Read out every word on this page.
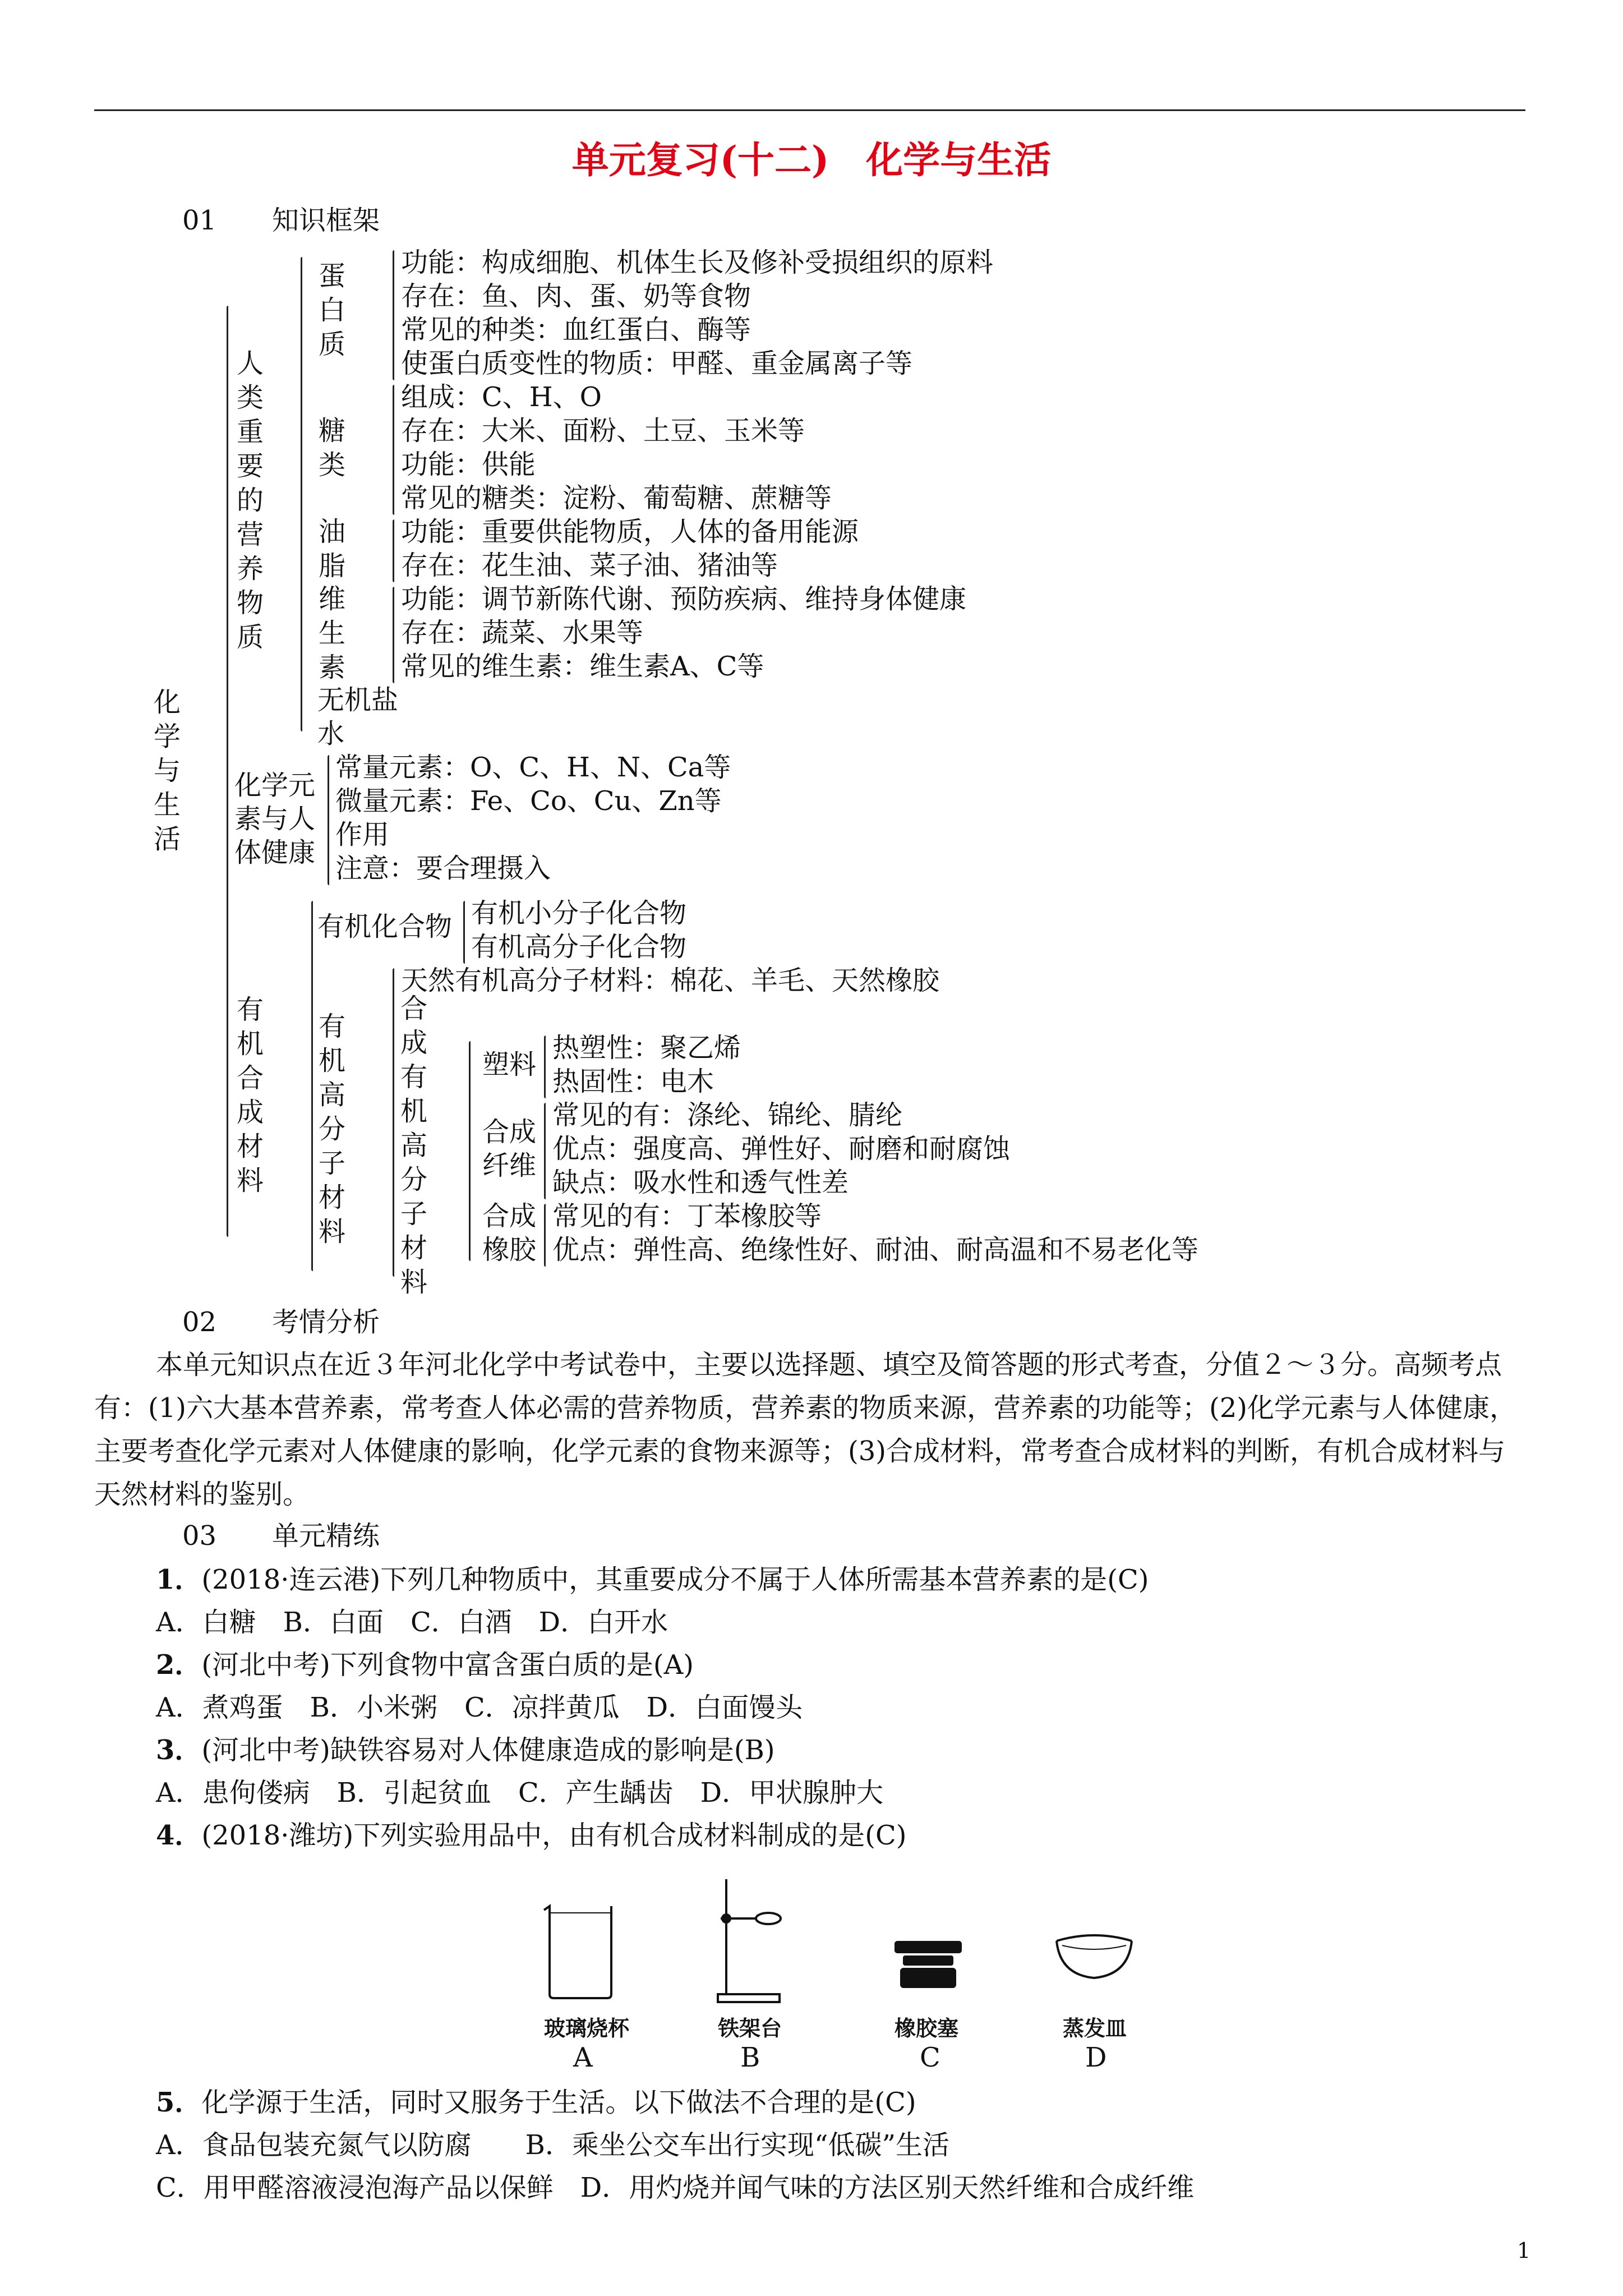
单元复习(十二)　化学与生活
01 知识框架
化学与生活
人类重要的营养物质
蛋白质
功能：构成细胞、机体生长及修补受损组织的原料
存在：鱼、肉、蛋、奶等食物
常见的种类：血红蛋白、酶等
使蛋白质变性的物质：甲醛、重金属离子等
糖类
组成：C、H、O
存在：大米、面粉、土豆、玉米等
功能：供能
常见的糖类：淀粉、葡萄糖、蔗糖等
油脂
功能：重要供能物质，人体的备用能源
存在：花生油、菜子油、猪油等
维生素
功能：调节新陈代谢、预防疾病、维持身体健康
存在：蔬菜、水果等
常见的维生素：维生素A、C等
无机盐
水
化学元
素与人
体健康
常量元素：O、C、H、N、Ca等
微量元素：Fe、Co、Cu、Zn等
作用
注意：要合理摄入
有机合成材料
有机化合物 有机小分子化合物
有机高分子化合物
有机高分子材料
天然有机高分子材料：棉花、羊毛、天然橡胶
合成有机高分子材料
塑料
热塑性：聚乙烯
热固性：电木
合成
纤维
常见的有：涤纶、锦纶、腈纶
优点：强度高、弹性好、耐磨和耐腐蚀
缺点：吸水性和透气性差
合成
橡胶
常见的有：丁苯橡胶等
优点：弹性高、绝缘性好、耐油、耐高温和不易老化等
02 考情分析
本单元知识点在近３年河北化学中考试卷中，主要以选择题、填空及简答题的形式考查，分值２～３分。高频考点有：(1)六大基本营养素，常考查人体必需的营养物质，营养素的物质来源，营养素的功能等；(2)化学元素与人体健康，主要考查化学元素对人体健康的影响，化学元素的食物来源等；(3)合成材料，常考查合成材料的判断，有机合成材料与天然材料的鉴别。
03 单元精练
1．(2018·连云港)下列几种物质中，其重要成分不属于人体所需基本营养素的是(C)
A．白糖　B．白面　C．白酒　D．白开水
2．(河北中考)下列食物中富含蛋白质的是(A)
A．煮鸡蛋　B．小米粥　C．凉拌黄瓜　D．白面馒头
3．(河北中考)缺铁容易对人体健康造成的影响是(B)
A．患佝偻病　B．引起贫血　C．产生龋齿　D．甲状腺肿大
4．(2018·潍坊)下列实验用品中，由有机合成材料制成的是(C)
玻璃烧杯
A
铁架台
B
橡胶塞
C
蒸发皿
D
5．化学源于生活，同时又服务于生活。以下做法不合理的是(C)
A．食品包装充氮气以防腐　　B．乘坐公交车出行实现“低碳”生活
C．用甲醛溶液浸泡海产品以保鲜　D．用灼烧并闻气味的方法区别天然纤维和合成纤维
1
